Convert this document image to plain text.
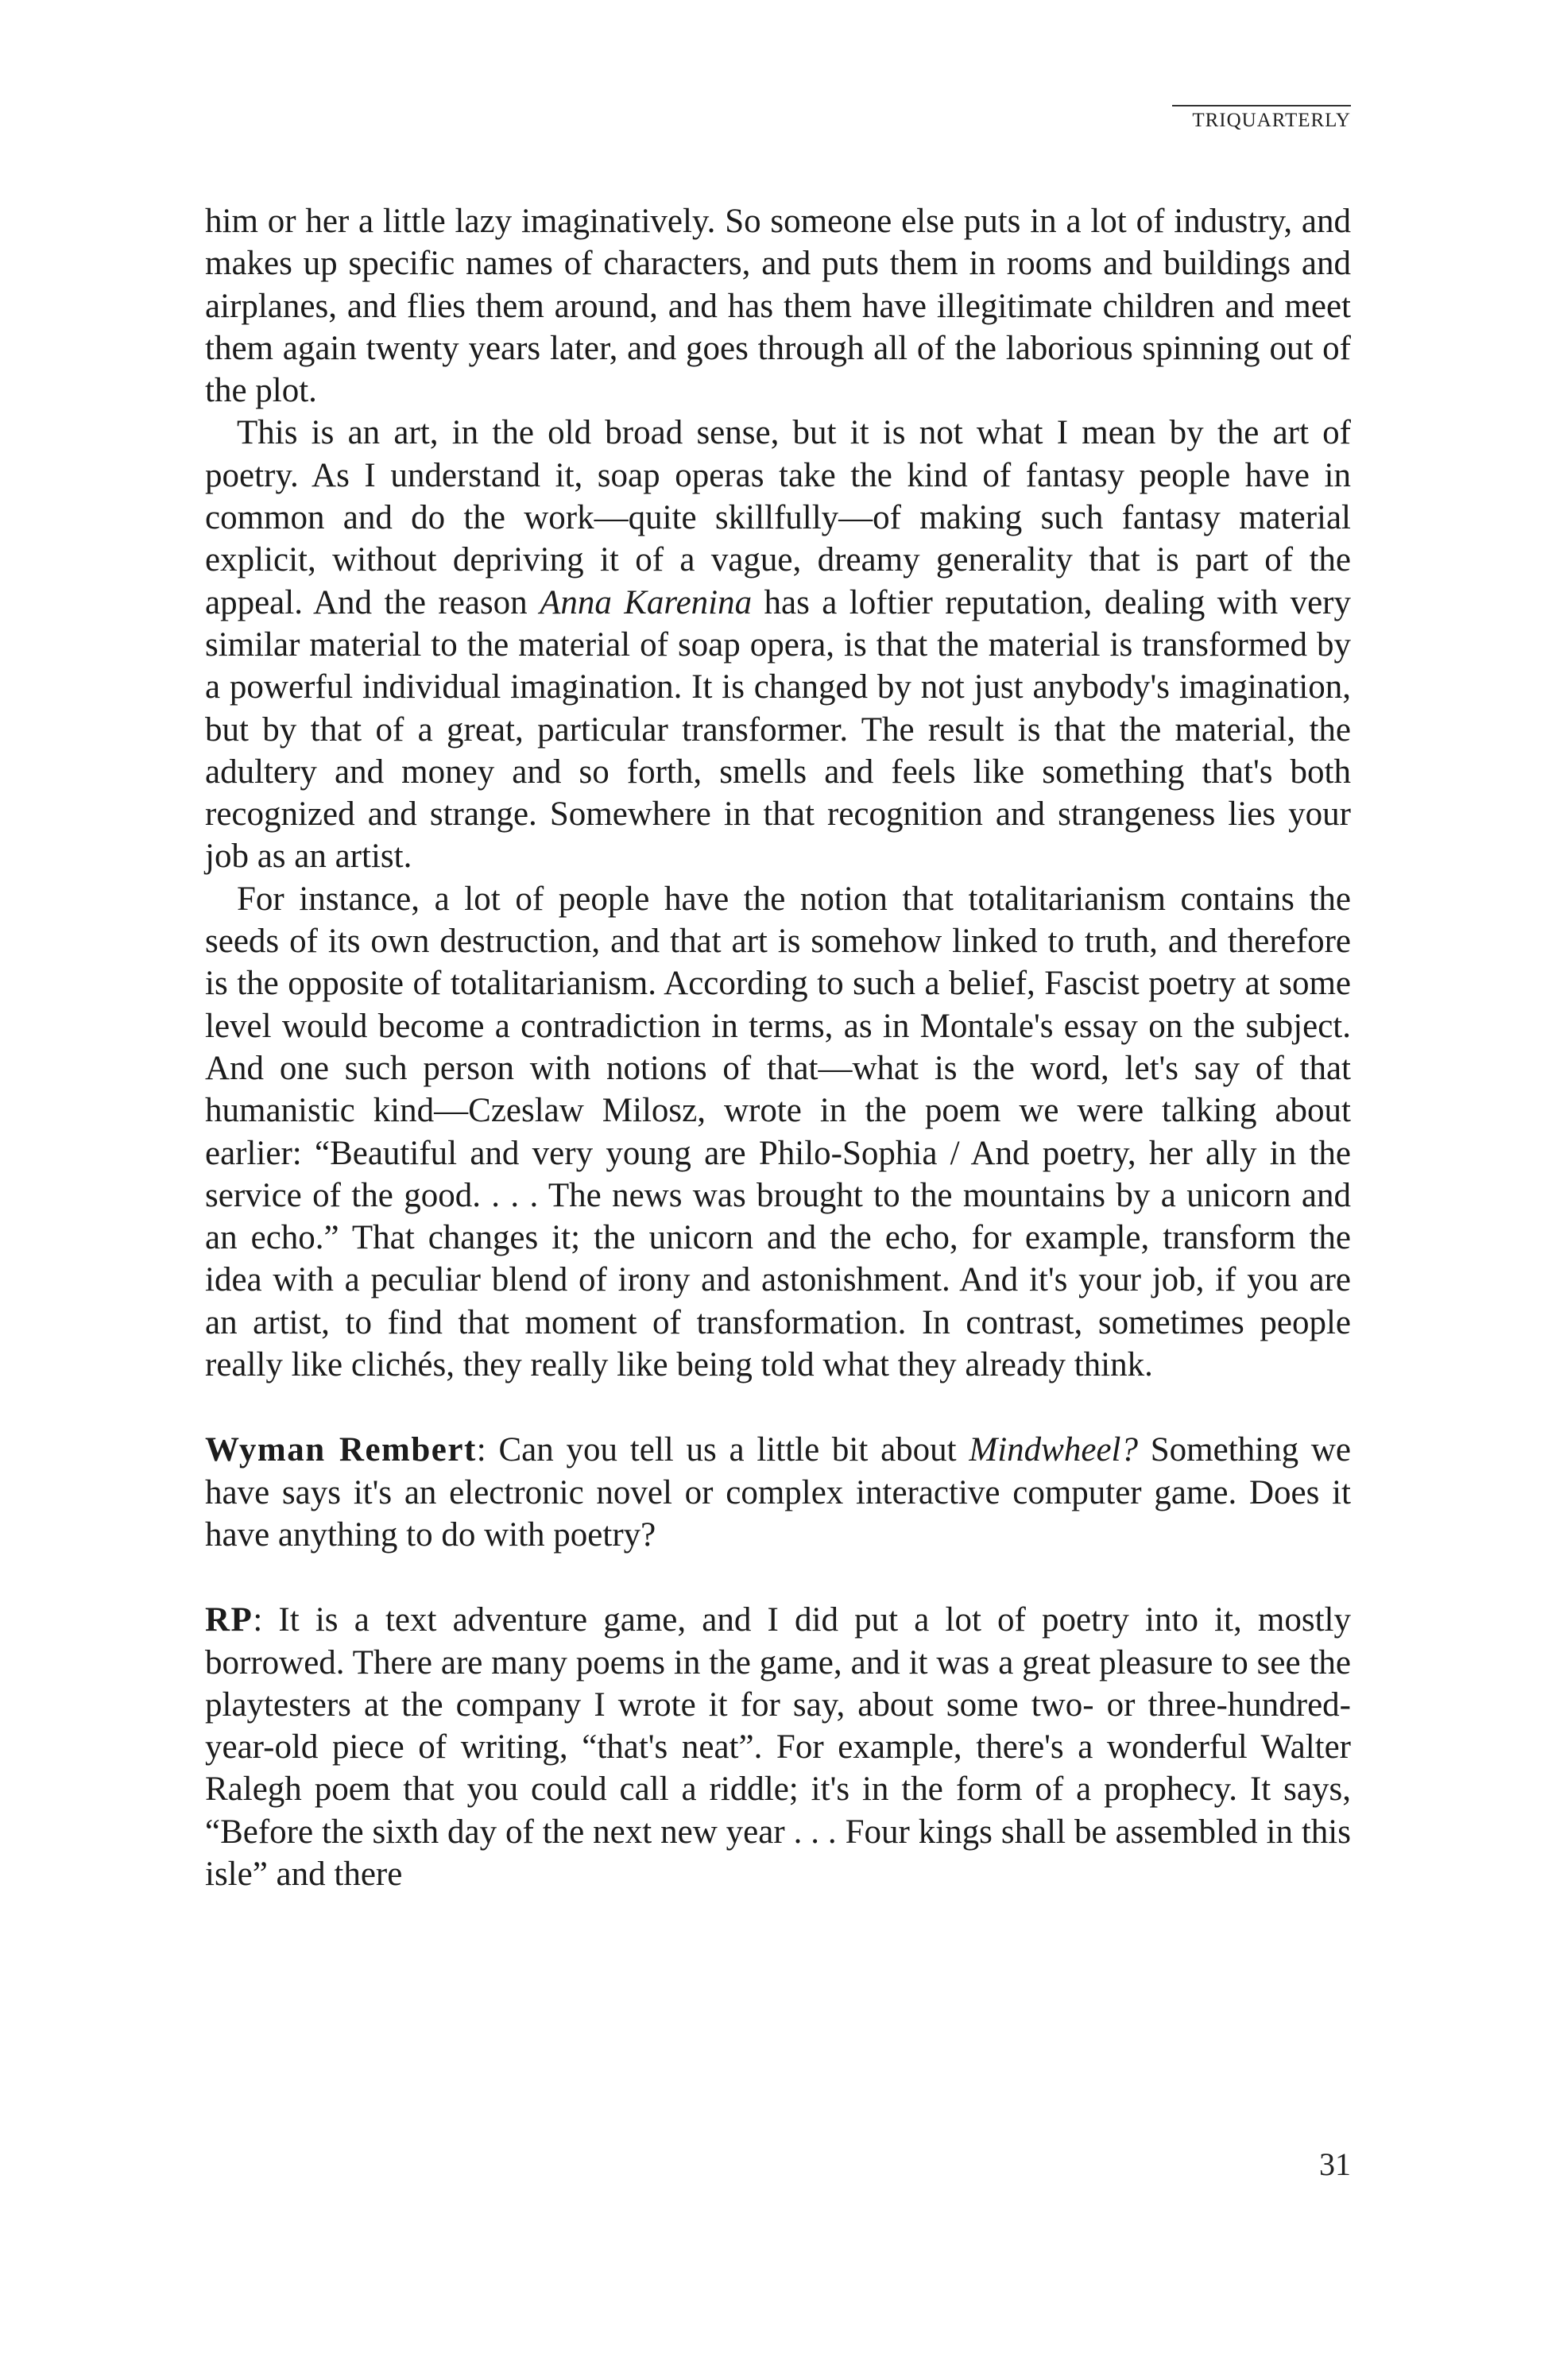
TRIQUARTERLY

him or her a little lazy imaginatively. So someone else puts in a lot of industry, and makes up specific names of characters, and puts them in rooms and buildings and airplanes, and flies them around, and has them have illegitimate children and meet them again twenty years later, and goes through all of the laborious spinning out of the plot.

This is an art, in the old broad sense, but it is not what I mean by the art of poetry. As I understand it, soap operas take the kind of fantasy people have in common and do the work—quite skillfully—of making such fantasy material explicit, without depriving it of a vague, dreamy generality that is part of the appeal. And the reason Anna Karenina has a loftier reputation, dealing with very similar material to the material of soap opera, is that the material is transformed by a powerful individual imagination. It is changed by not just anybody's imagination, but by that of a great, particular transformer. The result is that the material, the adultery and money and so forth, smells and feels like something that's both recognized and strange. Somewhere in that recognition and strangeness lies your job as an artist.

For instance, a lot of people have the notion that totalitarianism contains the seeds of its own destruction, and that art is somehow linked to truth, and therefore is the opposite of totalitarianism. According to such a belief, Fascist poetry at some level would become a contradiction in terms, as in Montale's essay on the subject. And one such person with notions of that—what is the word, let's say of that humanistic kind—Czeslaw Milosz, wrote in the poem we were talking about earlier: “Beautiful and very young are Philo-Sophia / And poetry, her ally in the service of the good. . . . The news was brought to the mountains by a unicorn and an echo.” That changes it; the unicorn and the echo, for example, transform the idea with a peculiar blend of irony and astonishment. And it's your job, if you are an artist, to find that moment of transformation. In contrast, sometimes people really like clichés, they really like being told what they already think.

Wyman Rembert: Can you tell us a little bit about Mindwheel? Something we have says it's an electronic novel or complex interactive computer game. Does it have anything to do with poetry?

RP: It is a text adventure game, and I did put a lot of poetry into it, mostly borrowed. There are many poems in the game, and it was a great pleasure to see the playtesters at the company I wrote it for say, about some two- or three-hundred-year-old piece of writing, “that's neat”. For example, there's a wonderful Walter Ralegh poem that you could call a riddle; it's in the form of a prophecy. It says, “Before the sixth day of the next new year . . . Four kings shall be assembled in this isle” and there

31
